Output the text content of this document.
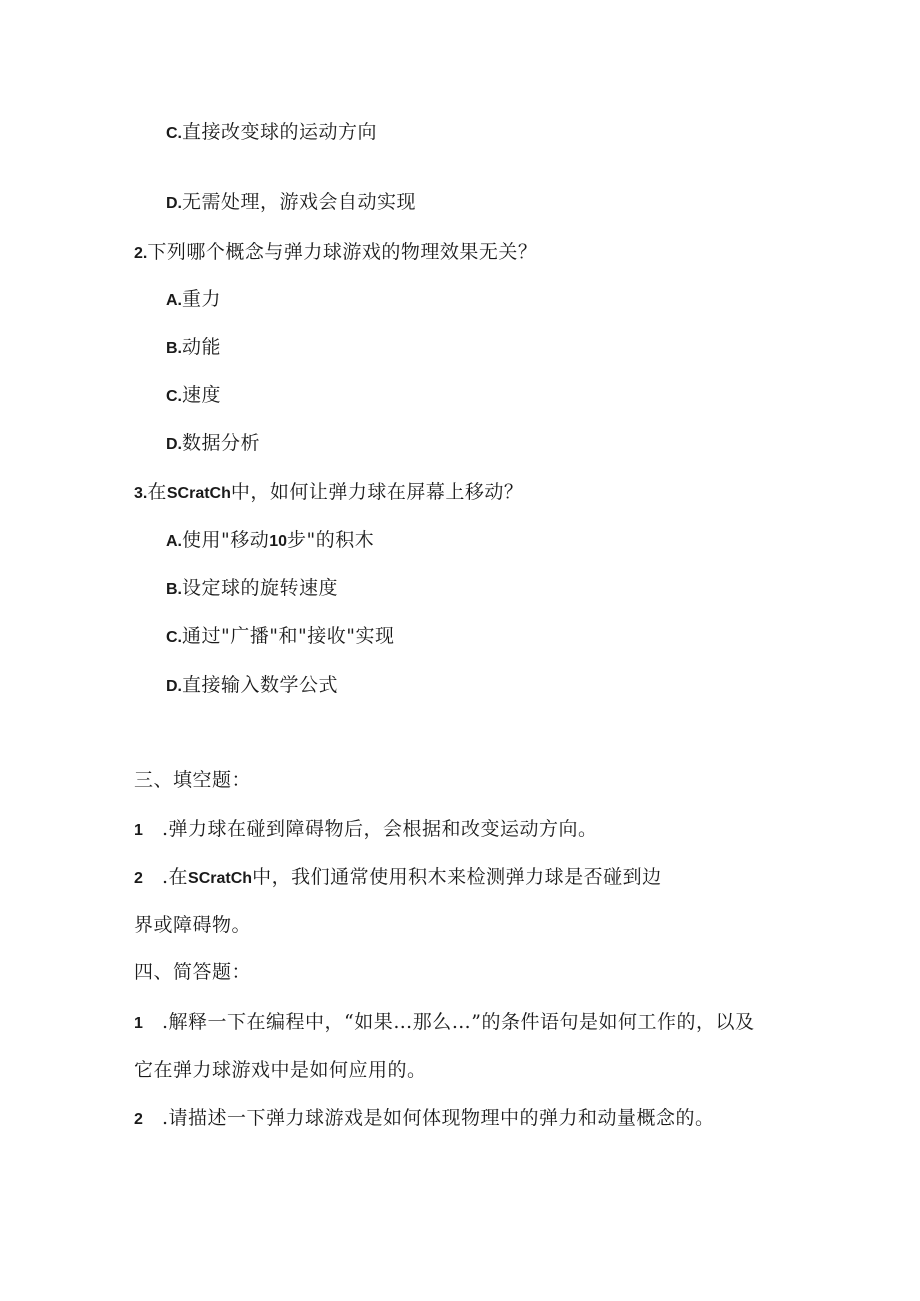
C.直接改变球的运动方向
D.无需处理，游戏会自动实现
2.下列哪个概念与弹力球游戏的物理效果无关？
A.重力
B.动能
C.速度
D.数据分析
3.在SCratCh中，如何让弹力球在屏幕上移动？
A.使用"移动10步"的积木
B.设定球的旋转速度
C.通过"广播"和"接收"实现
D.直接输入数学公式
三、填空题：
1 .弹力球在碰到障碍物后，会根据和改变运动方向。
2 .在SCratCh中，我们通常使用积木来检测弹力球是否碰到边
界或障碍物。
四、简答题：
1 .解释一下在编程中，“如果…那么…”的条件语句是如何工作的，以及
它在弹力球游戏中是如何应用的。
2 .请描述一下弹力球游戏是如何体现物理中的弹力和动量概念的。
